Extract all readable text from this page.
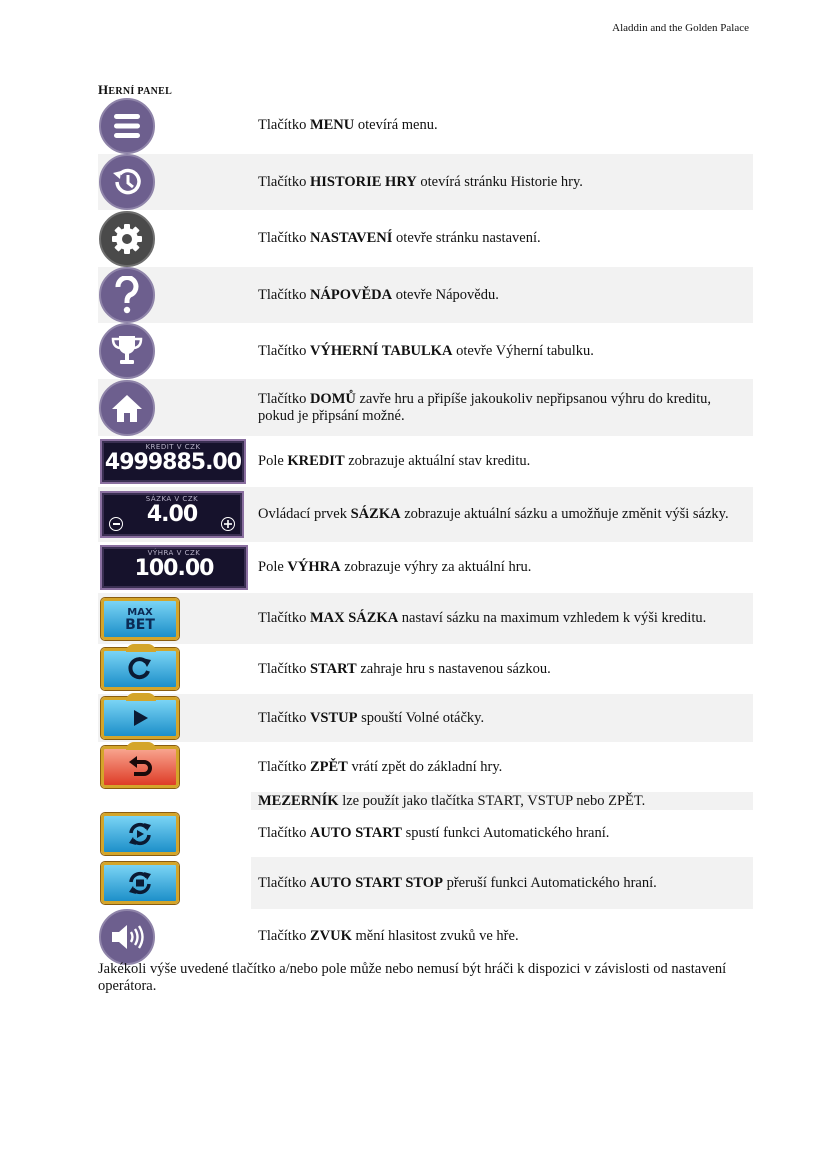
Aladdin and the Golden Palace
HERNÍ PANEL
Tlačítko MENU otevírá menu.
Tlačítko HISTORIE HRY otevírá stránku Historie hry.
Tlačítko NASTAVENÍ otevře stránku nastavení.
Tlačítko NÁPOVĚDA otevře Nápovědu.
Tlačítko VÝHERNÍ TABULKA otevře Výherní tabulku.
Tlačítko DOMŮ zavře hru a připíše jakoukoliv nepřipsanou výhru do kreditu, pokud je připsání možné.
KREDIT V CZK
4999885.00	Pole KREDIT zobrazuje aktuální stav kreditu.
SÁZKA V CZK
4.00	Ovládací prvek SÁZKA zobrazuje aktuální sázku a umožňuje změnit výši sázky.
VÝHRA V CZK
100.00	Pole VÝHRA zobrazuje výhry za aktuální hru.
MAX
BET	Tlačítko MAX SÁZKA nastaví sázku na maximum vzhledem k výši kreditu.
Tlačítko START zahraje hru s nastavenou sázkou.
Tlačítko VSTUP spouští Volné otáčky.
Tlačítko ZPĚT vrátí zpět do základní hry.
MEZERNÍK lze použít jako tlačítka START, VSTUP nebo ZPĚT.
Tlačítko AUTO START spustí funkci Automatického hraní.
Tlačítko AUTO START STOP přeruší funkci Automatického hraní.
Tlačítko ZVUK mění hlasitost zvuků ve hře.
Jakékoli výše uvedené tlačítko a/nebo pole může nebo nemusí být hráči k dispozici v závislosti od nastavení operátora.
